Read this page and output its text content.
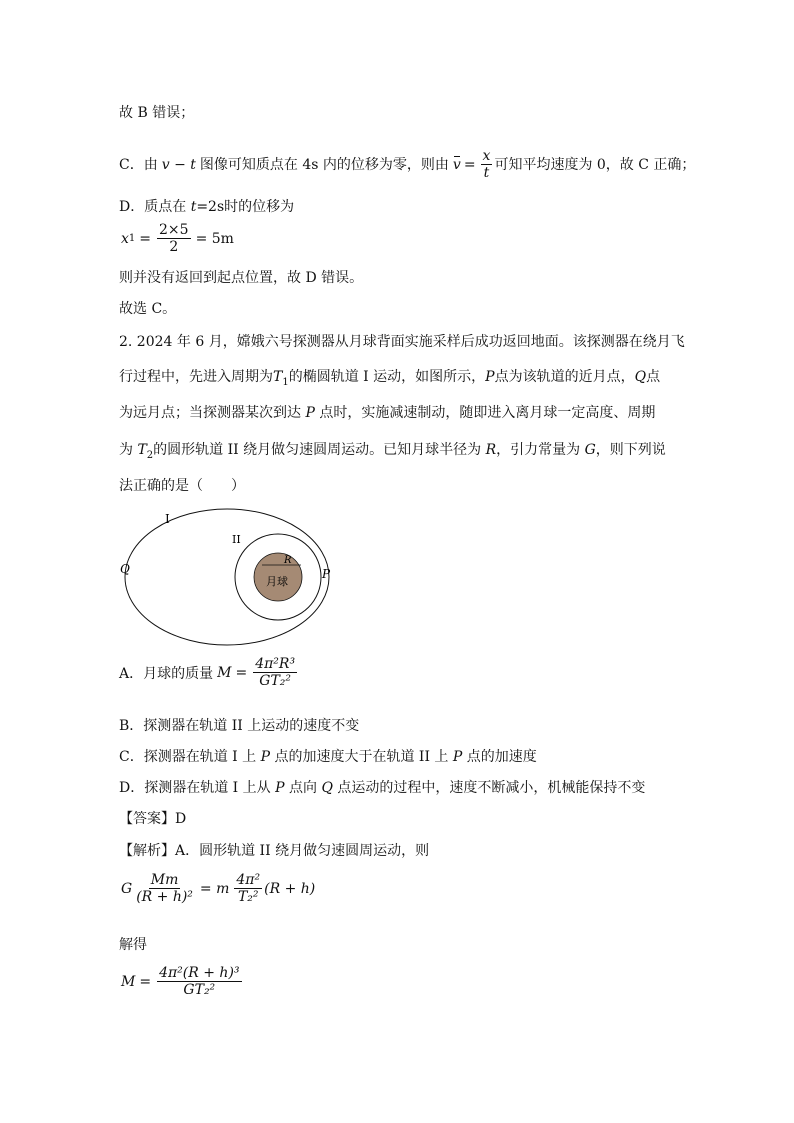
故 B 错误；
C．由 v − t 图像可知质点在 4s 内的位移为零，则由 $v = \frac{x}{t}$ 可知平均速度为 0，故 C 正确；
D．质点在 t=2s时的位移为
x $1 = \frac{2\times 5}{2} = 5m$
则并没有返回到起点位置，故 D 错误。
故选 C。
2. 2024 年 6 月，嫦娥六号探测器从月球背面实施采样后成功返回地面。该探测器在绕月飞
行过程中，先进入周期为$T_1$的椭圆轨道 I 运动，如图所示，P点为该轨道的近月点，Q点
为远月点；当探测器某次到达 P 点时，实施减速制动，随即进入离月球一定高度、周期
为 $T_2$的圆形轨道 II 绕月做匀速圆周运动。已知月球半径为 R，引力常量为 G，则下列说
法正确的是（　　）
I
II
Q	P
R
月球
A．月球的质量 $M = \frac{\text{4π²R³}}{\text{GT₂²}}$
B．探测器在轨道 II 上运动的速度不变
C．探测器在轨道 I 上 P 点的加速度大于在轨道 II 上 P 点的加速度
D．探测器在轨道 I 上从 P 点向 Q 点运动的过程中，速度不断减小，机械能保持不变
【答案】D
【解析】A．圆形轨道 II 绕月做匀速圆周运动，则
G $\frac{Mm}{\text{(R + h)²}} = m \frac{\text{4π²}}{\text{T₂²}} (R + h)$
解得
$M = \frac{\text{4π²(R + h)³}}{\text{GT₂²}}$
